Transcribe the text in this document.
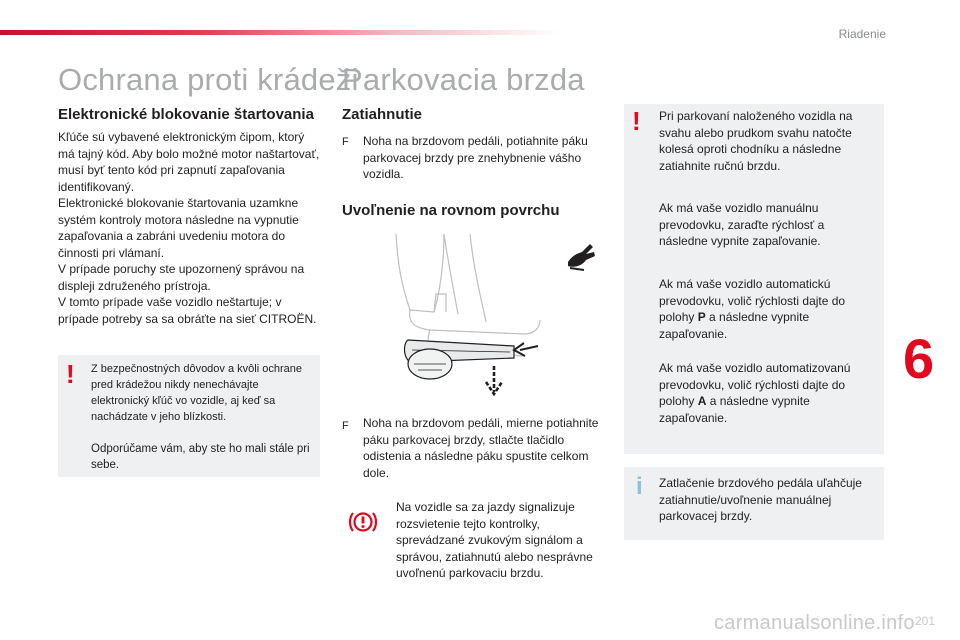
Riadenie
Ochrana proti krádeži
Elektronické blokovanie štartovania

Kľúče sú vybavené elektronickým čipom, ktorý má tajný kód. Aby bolo možné motor naštartovať, musí byť tento kód pri zapnutí zapaľovania identifikovaný.

Elektronické blokovanie štartovania uzamkne systém kontroly motora následne na vypnutie zapaľovania a zabráni uvedeniu motora do činnosti pri vlámaní.

V prípade poruchy ste upozornený správou na displeji združeného prístroja.

V tomto prípade vaše vozidlo neštartuje; v prípade potreby sa sa obráťte na sieť CITROËN.

! Z bezpečnostných dôvodov a kvôli ochrane pred krádežou nikdy nenechávajte elektronický kľúč vo vozidle, aj keď sa nachádzate v jeho blízkosti.
Odporúčame vám, aby ste ho mali stále pri sebe.
Parkovacia brzda
Zatiahnutie
F Noha na brzdovom pedáli, potiahnite páku parkovacej brzdy pre znehybnenie vášho vozidla.
Uvoľnenie na rovnom povrchu
F Noha na brzdovom pedáli, mierne potiahnite páku parkovacej brzdy, stlačte tlačidlo odistenia a následne páku spustite celkom dole.
Na vozidle sa za jazdy signalizuje rozsvietenie tejto kontrolky, sprevádzané zvukovým signálom a správou, zatiahnutú alebo nesprávne uvoľnenú parkovaciu brzdu.
! Pri parkovaní naloženého vozidla na svahu alebo prudkom svahu natočte kolesá oproti chodníku a následne zatiahnite ručnú brzdu.
Ak má vaše vozidlo manuálnu prevodovku, zaraďte rýchlosť a následne vypnite zapaľovanie.
Ak má vaše vozidlo automatickú prevodovku, volič rýchlosti dajte do polohy P a následne vypnite zapaľovanie.
Ak má vaše vozidlo automatizovanú prevodovku, volič rýchlosti dajte do polohy A a následne vypnite zapaľovanie.
i Zatlačenie brzdového pedála uľahčuje zatiahnutie/uvoľnenie manuálnej parkovacej brzdy.
6
201
carmanualsonline.info
